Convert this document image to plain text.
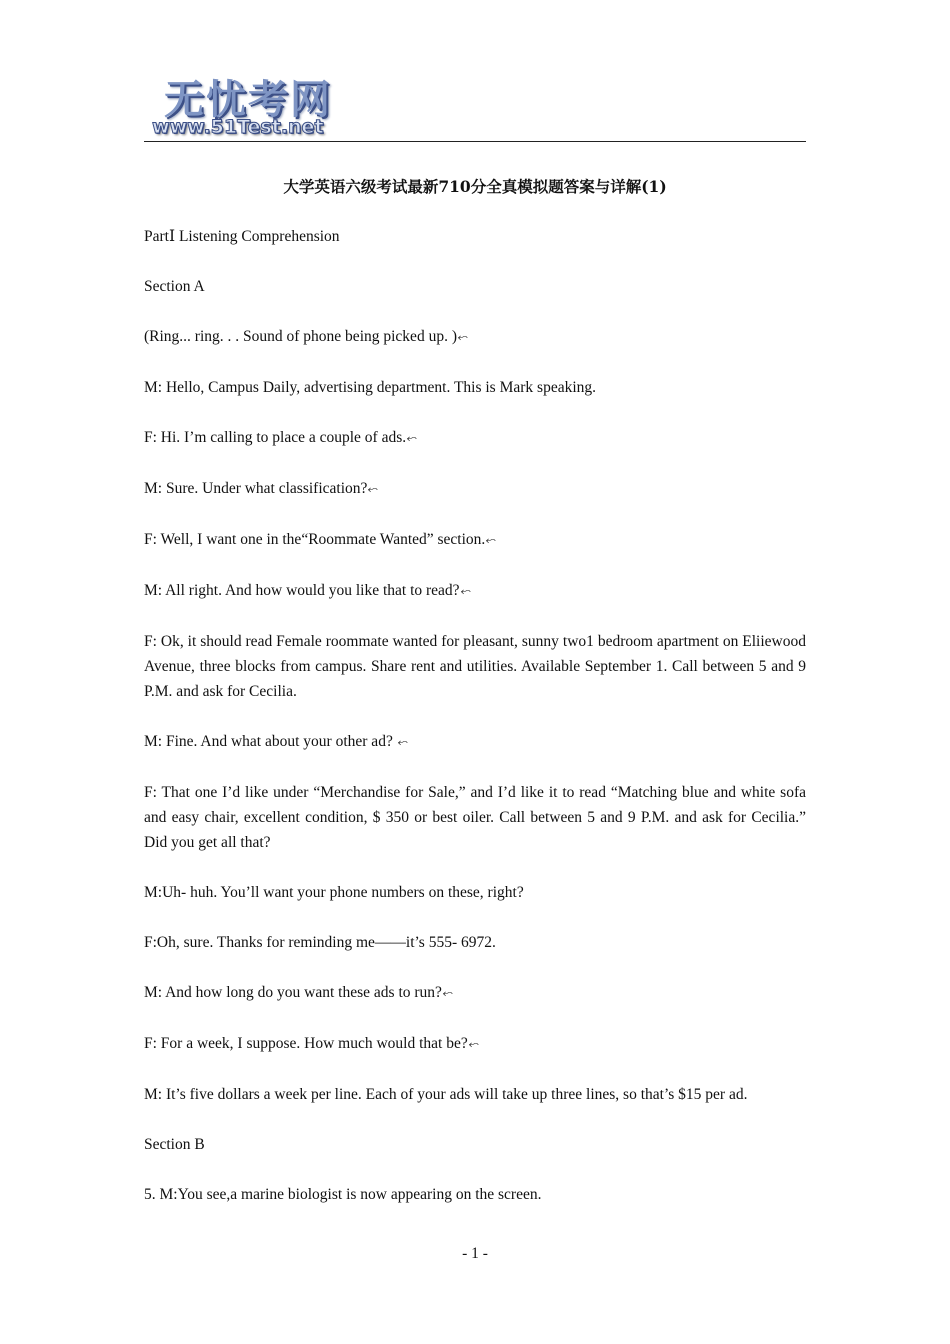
无忧考网
www.51Test.net
大学英语六级考试最新710分全真模拟题答案与详解(1)
PartⅠ Listening Comprehension
Section A
(Ring... ring. . . Sound of phone being picked up. )⬿
M: Hello, Campus Daily, advertising department. This is Mark speaking.
F: Hi. I’m calling to place a couple of ads.⬿
M: Sure. Under what classification?⬿
F: Well, I want one in the“Roommate Wanted” section.⬿
M: All right. And how would you like that to read?⬿
F: Ok, it should read Female roommate wanted for pleasant, sunny two1 bedroom apartment on Eliiewood Avenue, three blocks from campus. Share rent and utilities. Available September 1. Call between 5 and 9 P.M. and ask for Cecilia.
M: Fine. And what about your other ad? ⬿
F: That one I’d like under “Merchandise for Sale,” and I’d like it to read “Matching blue and white sofa and easy chair, excellent condition, $ 350 or best oiler. Call between 5 and 9 P.M. and ask for Cecilia.” Did you get all that?
M:Uh- huh. You’ll want your phone numbers on these, right?
F:Oh, sure. Thanks for reminding me——it’s 555- 6972.
M: And how long do you want these ads to run?⬿
F: For a week, I suppose. How much would that be?⬿
M: It’s five dollars a week per line. Each of your ads will take up three lines, so that’s $15 per ad.
Section B
5. M:You see,a marine biologist is now appearing on the screen.
- 1 -
